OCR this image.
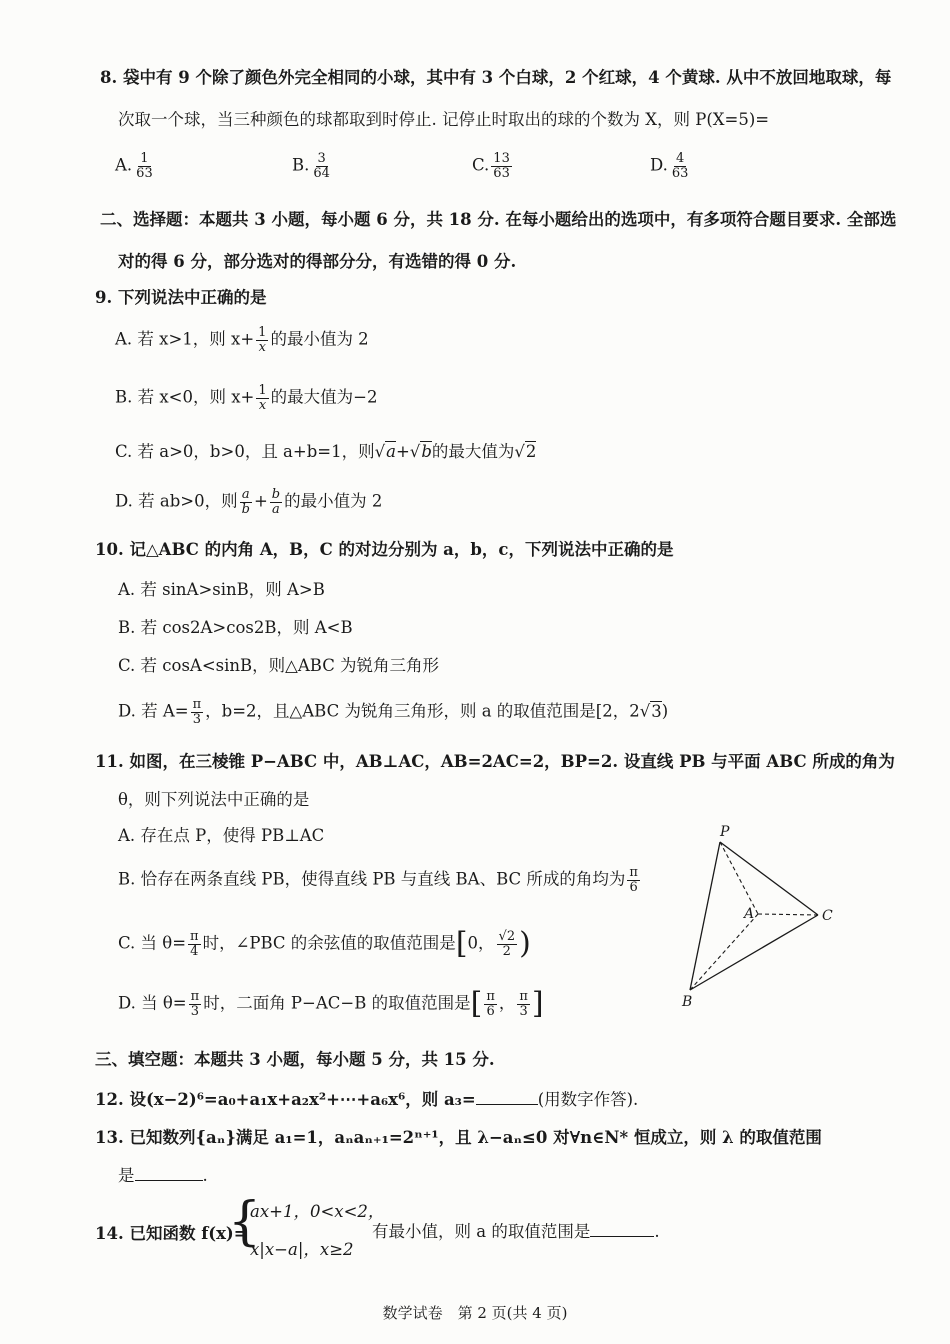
8. 袋中有 9 个除了颜色外完全相同的小球，其中有 3 个白球，2 个红球，4 个黄球. 从中不放回地取球，每
次取一个球，当三种颜色的球都取到时停止. 记停止时取出的球的个数为 X，则 P(X=5)=
A. $\frac{1}{63}$	B. $\frac{3}{64}$	C. $\frac{13}{63}$	D. $\frac{4}{63}$
二、选择题：本题共 3 小题，每小题 6 分，共 18 分. 在每小题给出的选项中，有多项符合题目要求. 全部选
对的得 6 分，部分选对的得部分分，有选错的得 0 分.
9. 下列说法中正确的是
A. 若 x>1，则 $x+ \frac{1}{x}$ 的最小值为 2
B. 若 x<0，则 $x+ \frac{1}{x}$ 的最大值为−2
C. 若 a>0，b>0，且 a+b=1，则√a+√b的最大值为√2
D. 若 ab>0，则 $\frac{a}{b} + \frac{b}{a}$ 的最小值为 2
10. 记△ABC 的内角 A，B，C 的对边分别为 a，b，c，下列说法中正确的是
A. 若 sinA>sinB，则 A>B
B. 若 cos2A>cos2B，则 A<B
C. 若 cosA<sinB，则△ABC 为锐角三角形
D. 若 $A= \frac{\pi}{3}$ ，b=2，且△ABC 为锐角三角形，则 a 的取值范围是[2，2√3)
11. 如图，在三棱锥 P−ABC 中，AB⊥AC，AB=2AC=2，BP=2. 设直线 PB 与平面 ABC 所成的角为
θ，则下列说法中正确的是
A. 存在点 P，使得 PB⊥AC
B. 恰存在两条直线 PB，使得直线 PB 与直线 BA、BC 所成的角均为 $\frac{\pi}{6}$
C. 当 $\theta= \frac{\pi}{4}$ 时，∠PBC 的余弦值的取值范围是[0， $\frac{√2}{2}$ )
D. 当 $\theta= \frac{\pi}{3}$ 时，二面角 P−AC−B 的取值范围是[ $\frac{\pi}{6}$ ， $\frac{\pi}{3}$ ]
P
A
B
C
三、填空题：本题共 3 小题，每小题 5 分，共 15 分.
12. 设(x−2)⁶=a₀+a₁x+a₂x²+⋯+a₆x⁶，则 a₃=	(用数字作答).
13. 已知数列{aₙ}满足 a₁=1，aₙaₙ₊₁=2ⁿ⁺¹，且 λ−aₙ≤0 对∀n∈N* 恒成立，则 λ 的取值范围
是	.
14. 已知函数 f(x)=
{
ax+1，0<x<2，
x|x−a|，x≥2
有最小值，则 a 的取值范围是	.
数学试卷　第 2 页(共 4 页)
